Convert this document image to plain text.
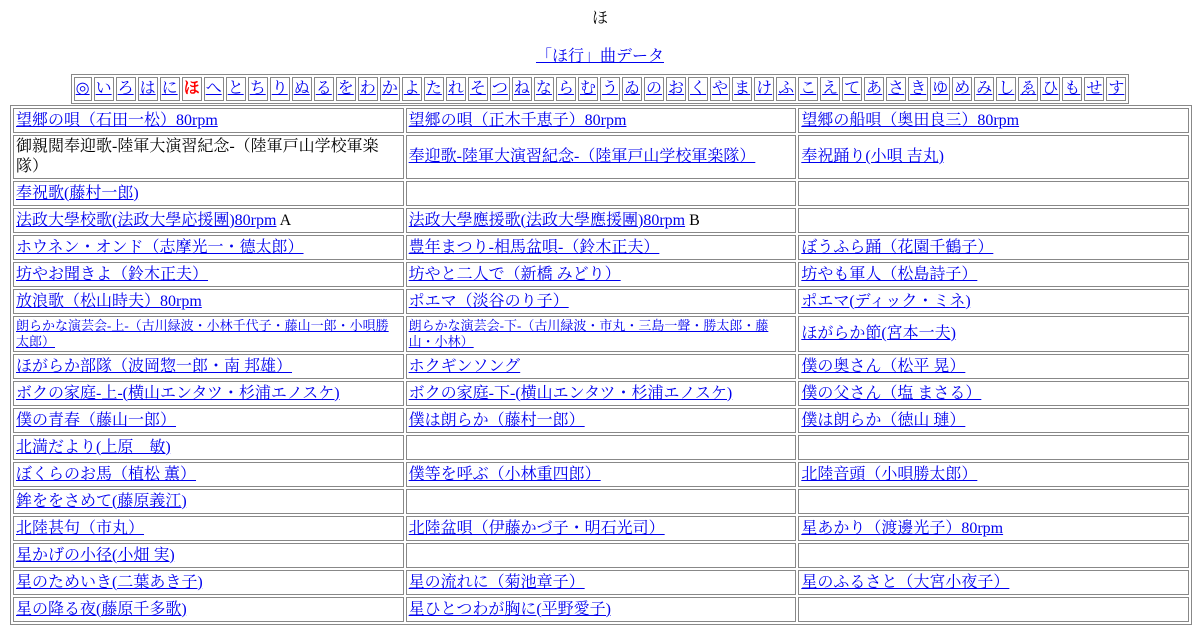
ほ
「ほ行」曲データ
◎	い	ろ	は	に	ほ	へ	と	ち	り	ぬ	る	を	わ	か	よ	た	れ	そ	つ	ね	な	ら	む	う	ゐ	の	お	く	や	ま	け	ふ	こ	え	て	あ	さ	き	ゆ	め	み	し	ゑ	ひ	も	せ	す
望郷の唄（石田一松）80rpm	望郷の唄（正木千恵子）80rpm	望郷の船唄（奥田良三）80rpm
御親閲奉迎歌-陸軍大演習紀念-（陸軍戸山学校軍楽隊）	奉迎歌-陸軍大演習紀念-（陸軍戸山学校軍楽隊）	奉祝踊り(小唄 吉丸)
奉祝歌(藤村一郎)		
法政大學校歌(法政大學応援團)80rpm A	法政大學應援歌(法政大學應援團)80rpm B	
ホウネン・オンド（志摩光一・德太郎）	豊年まつり-相馬盆唄-（鈴木正夫）	ぼうふら踊（花園千鶴子）
坊やお聞きよ（鈴木正夫）	坊やと二人で（新橋 みどり）	坊やも軍人（松島詩子）
放浪歌（松山時夫）80rpm	ポエマ（淡谷のり子）	ポエマ(ディック・ミネ)
朗らかな演芸会-上-（古川緑波・小林千代子・藤山一郎・小唄勝太郎）	朗らかな演芸会-下-（古川緑波・市丸・三島一聲・勝太郎・藤山・小林）	ほがらか節(宮本一夫)
ほがらか部隊（波岡惣一郎・南 邦雄）	ホクギンソング	僕の奥さん（松平 晃）
ボクの家庭-上-(横山エンタツ・杉浦エノスケ)	ボクの家庭-下-(横山エンタツ・杉浦エノスケ)	僕の父さん（塩 まさる）
僕の青春（藤山一郎）	僕は朗らか（藤村一郎）	僕は朗らか（徳山 璉）
北満だより(上原　敏)		
ぼくらのお馬（植松 薫）	僕等を呼ぶ（小林重四郎）	北陸音頭（小唄勝太郎）
鉾ををさめて(藤原義江)		
北陸甚句（市丸）	北陸盆唄（伊藤かづ子・明石光司）	星あかり（渡邊光子）80rpm
星かげの小径(小畑 実)		
星のためいき(二葉あき子)	星の流れに（菊池章子）	星のふるさと（大宮小夜子）
星の降る夜(藤原千多歌)	星ひとつわが胸に(平野愛子)	
